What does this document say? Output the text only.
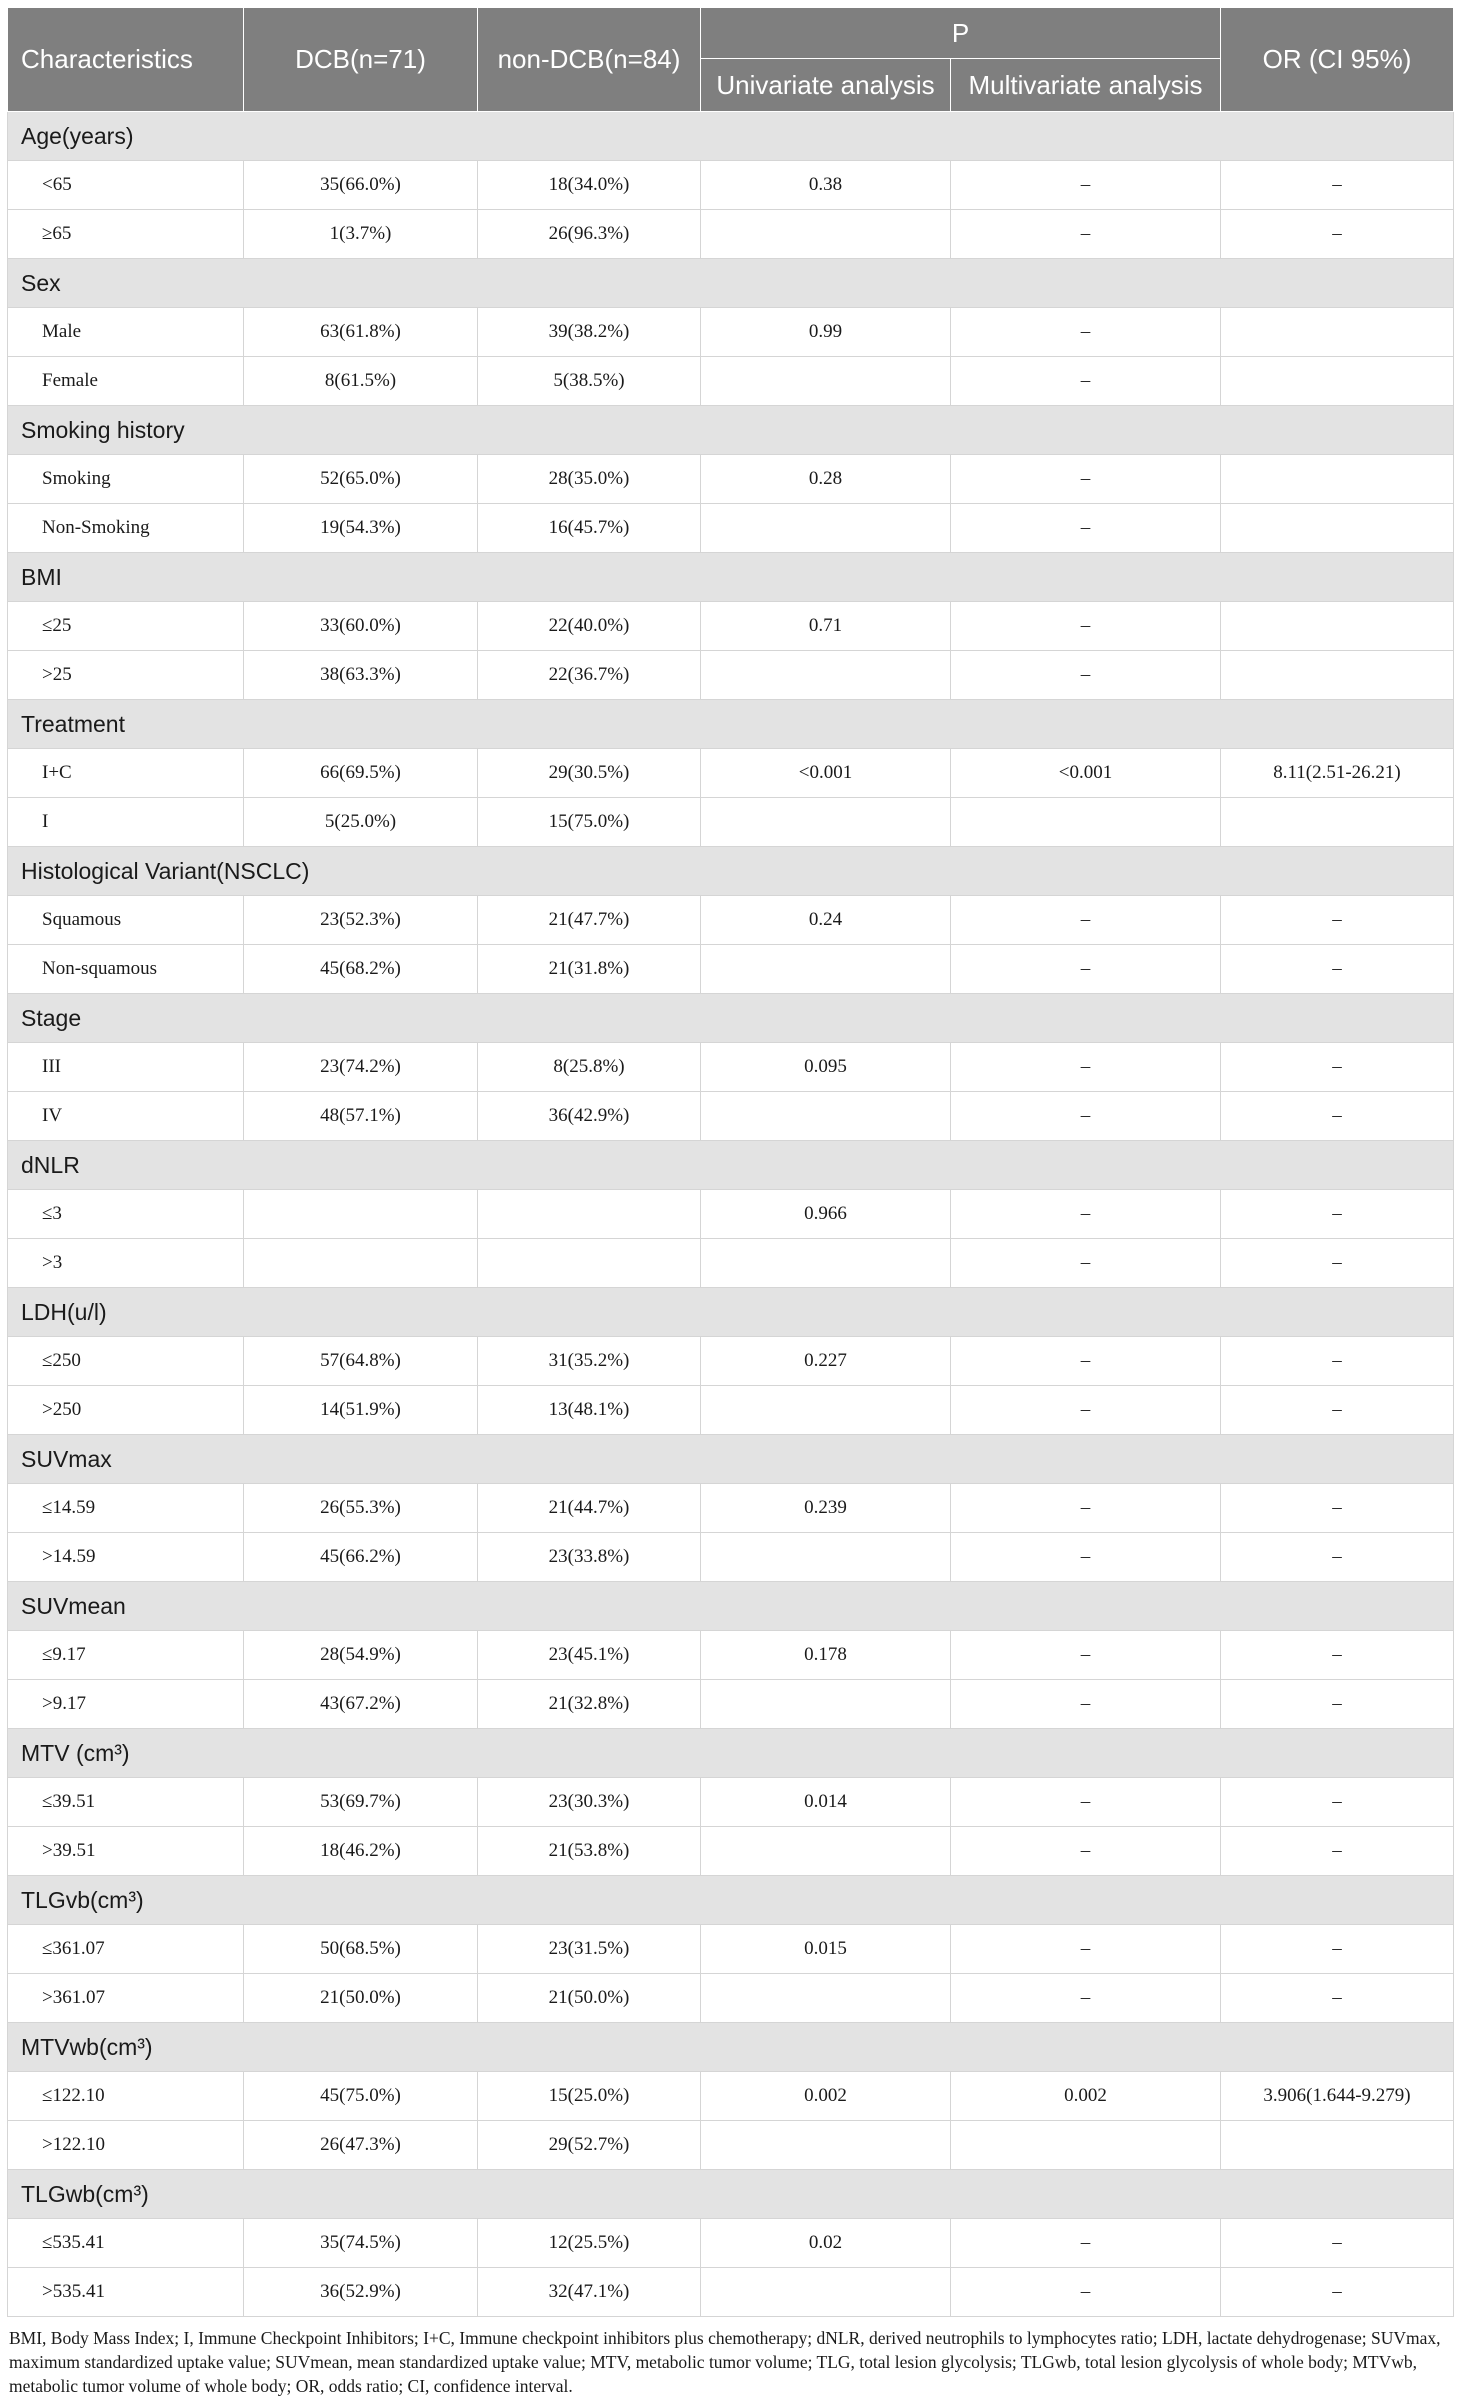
Characteristics	DCB(n=71)	non-DCB(n=84)	P		OR (CI 95%)
			Univariate analysis	Multivariate analysis	
Age(years)					
<65	35(66.0%)	18(34.0%)	0.38	–	–
≥65	1(3.7%)	26(96.3%)		–	–
Sex					
Male	63(61.8%)	39(38.2%)	0.99	–	
Female	8(61.5%)	5(38.5%)		–	
Smoking history					
Smoking	52(65.0%)	28(35.0%)	0.28	–	
Non-Smoking	19(54.3%)	16(45.7%)		–	
BMI					
≤25	33(60.0%)	22(40.0%)	0.71	–	
>25	38(63.3%)	22(36.7%)		–	
Treatment					
I+C	66(69.5%)	29(30.5%)	<0.001	<0.001	8.11(2.51-26.21)
I	5(25.0%)	15(75.0%)			
Histological Variant(NSCLC)					
Squamous	23(52.3%)	21(47.7%)	0.24	–	–
Non-squamous	45(68.2%)	21(31.8%)		–	–
Stage					
III	23(74.2%)	8(25.8%)	0.095	–	–
IV	48(57.1%)	36(42.9%)		–	–
dNLR					
≤3			0.966	–	–
>3				–	–
LDH(u/l)					
≤250	57(64.8%)	31(35.2%)	0.227	–	–
>250	14(51.9%)	13(48.1%)		–	–
SUVmax					
≤14.59	26(55.3%)	21(44.7%)	0.239	–	–
>14.59	45(66.2%)	23(33.8%)		–	–
SUVmean					
≤9.17	28(54.9%)	23(45.1%)	0.178	–	–
>9.17	43(67.2%)	21(32.8%)		–	–
MTV (cm³)					
≤39.51	53(69.7%)	23(30.3%)	0.014	–	–
>39.51	18(46.2%)	21(53.8%)		–	–
TLGvb(cm³)					
≤361.07	50(68.5%)	23(31.5%)	0.015	–	–
>361.07	21(50.0%)	21(50.0%)		–	–
MTVwb(cm³)					
≤122.10	45(75.0%)	15(25.0%)	0.002	0.002	3.906(1.644-9.279)
>122.10	26(47.3%)	29(52.7%)			
TLGwb(cm³)					
≤535.41	35(74.5%)	12(25.5%)	0.02	–	–
>535.41	36(52.9%)	32(47.1%)		–	–
BMI, Body Mass Index; I, Immune Checkpoint Inhibitors; I+C, Immune checkpoint inhibitors plus chemotherapy; dNLR, derived neutrophils to lymphocytes ratio; LDH, lactate dehydrogenase; SUVmax, maximum standardized uptake value; SUVmean, mean standardized uptake value; MTV, metabolic tumor volume; TLG, total lesion glycolysis; TLGwb, total lesion glycolysis of whole body; MTVwb, metabolic tumor volume of whole body; OR, odds ratio; CI, confidence interval.
